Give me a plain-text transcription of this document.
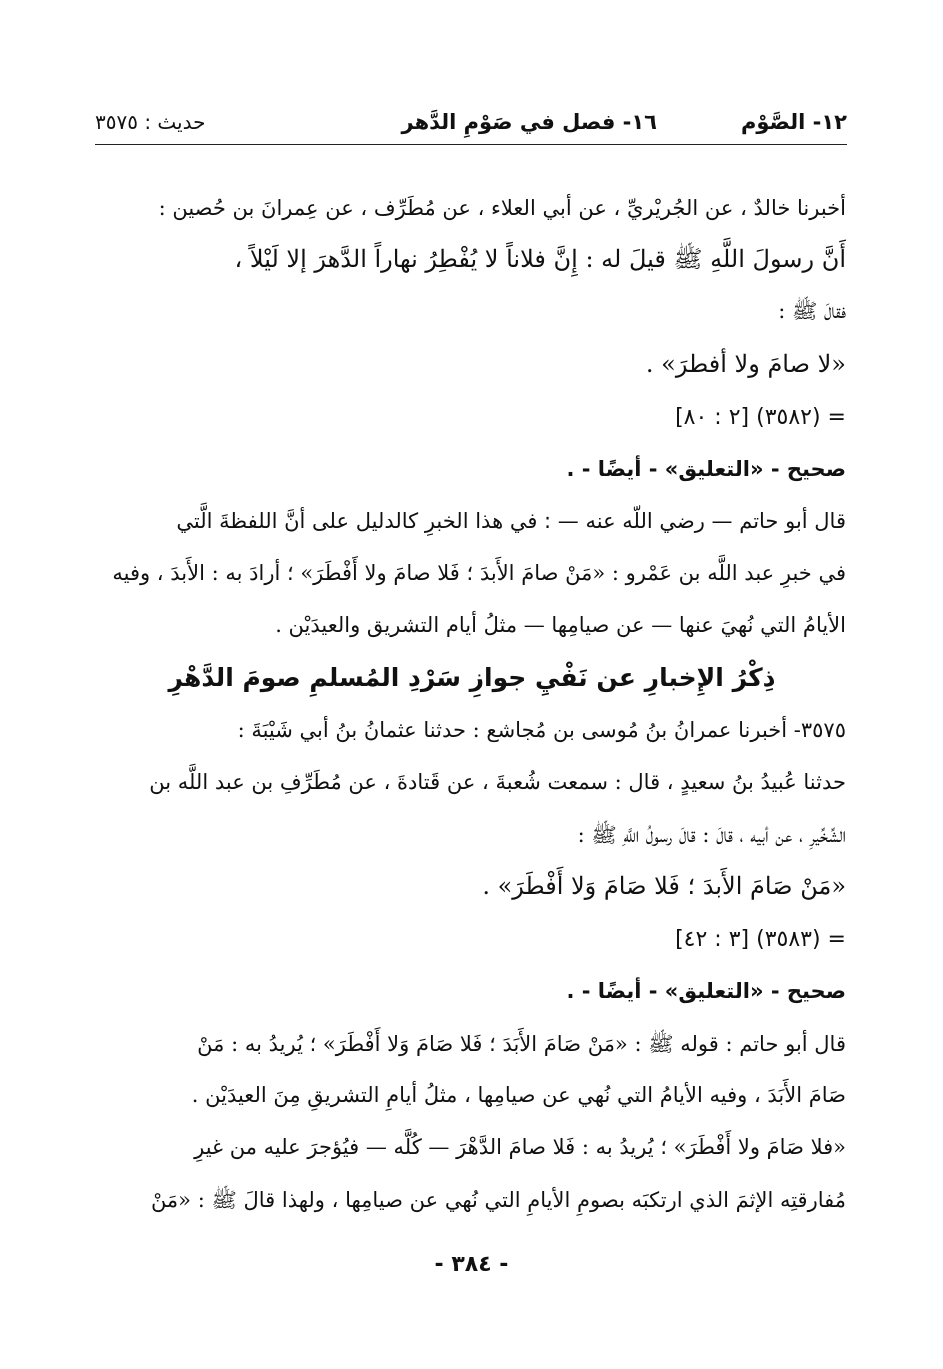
١٢- الصَّوْم
١٦- فصل في صَوْمِ الدَّهر
حديث : ٣٥٧٥
أخبرنا خالدٌ ، عن الجُريْريِّ ، عن أبي العلاء ، عن مُطَرِّف ، عن عِمرانَ بن حُصين :
أَنَّ رسولَ اللَّهِ ﷺ قيلَ له : إِنَّ فلاناً لا يُفْطِرُ نهاراً الدَّهرَ إلا لَيْلاً ،
فقالَ ﷺ :
«لا صامَ ولا أفطرَ» .
= (٣٥٨٢) [٢ : ٨٠]
صحيح - «التعليق» - أيضًا - .
قال أبو حاتم — رضي اللّه عنه — : في هذا الخبرِ كالدليل على أنَّ اللفظةَ الَّتي
في خبرِ عبد اللَّه بن عَمْرو : «مَنْ صامَ الأَبدَ ؛ فَلا صامَ ولا أَفْطَرَ» ؛ أرادَ به : الأَبدَ ، وفيه
الأيامُ التي نُهيَ عنها — عن صيامِها — مثلُ أيام التشريق والعيدَيْن .
ذِكْرُ الإِخبارِ عن نَفْيِ جوازِ سَرْدِ المُسلمِ صومَ الدَّهْرِ
٣٥٧٥- أخبرنا عمرانُ بنُ مُوسى بن مُجاشع : حدثنا عثمانُ بنُ أبي شَيْبَةَ :
حدثنا عُبيدُ بنُ سعيدٍ ، قال : سمعت شُعبةَ ، عن قَتادةَ ، عن مُطَرِّفِ بن عبد اللَّه بن
الشِّخِّيرِ ، عن أبيه ، قالَ : قالَ رسولُ اللَّهِ ﷺ :
«مَنْ صَامَ الأَبدَ ؛ فَلا صَامَ وَلا أَفْطَرَ» .
= (٣٥٨٣) [٣ : ٤٢]
صحيح - «التعليق» - أيضًا - .
قال أبو حاتم : قوله ﷺ : «مَنْ صَامَ الأَبَدَ ؛ فَلا صَامَ وَلا أَفْطَرَ» ؛ يُريدُ به : مَنْ
صَامَ الأَبَدَ ، وفيه الأيامُ التي نُهي عن صيامِها ، مثلُ أيامِ التشريقِ مِنَ العيدَيْن .
«فلا صَامَ ولا أَفْطَرَ» ؛ يُريدُ به : فَلا صامَ الدَّهْرَ — كُلَّه — فيُؤجرَ عليه من غيرِ
مُفارقتِه الإثمَ الذي ارتكبَه بصومِ الأيامِ التي نُهي عن صيامِها ، ولهذا قالَ ﷺ : «مَنْ
- ٣٨٤ -
